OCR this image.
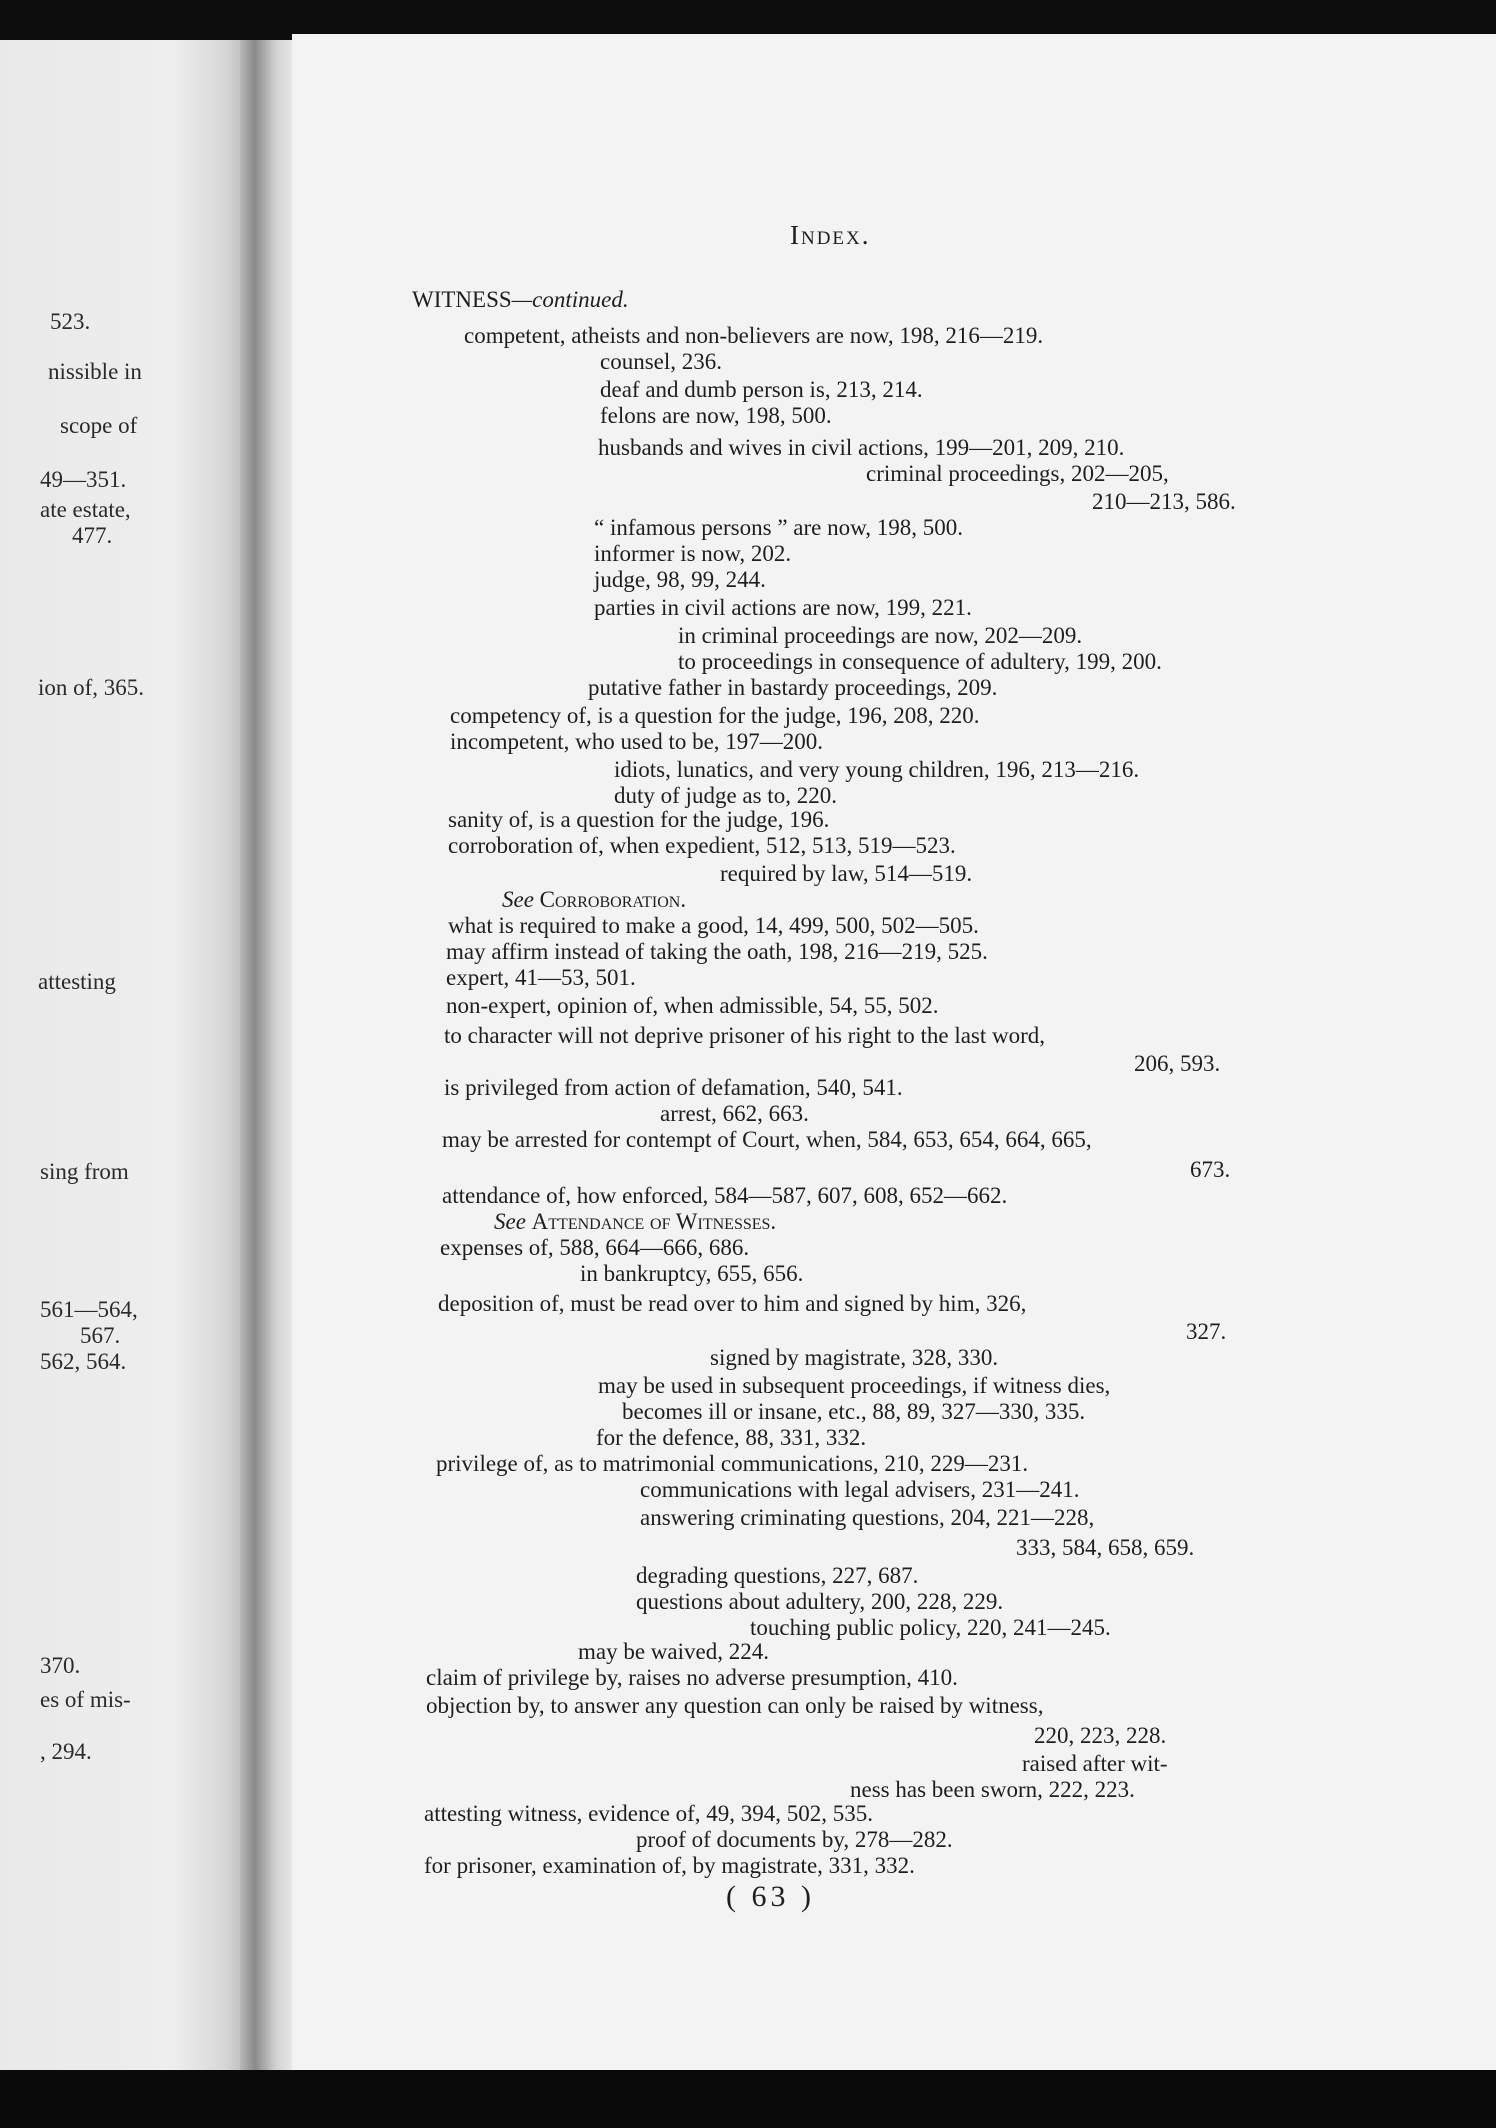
523.
nissible in
scope of
49—351.
ate estate,
477.
ion of, 365.
attesting
sing from
561—564,
567.
562, 564.
370.
es of mis-
, 294.
Index.
WITNESS—continued.
competent, atheists and non-believers are now, 198, 216—219.
counsel, 236.
deaf and dumb person is, 213, 214.
felons are now, 198, 500.
husbands and wives in civil actions, 199—201, 209, 210.
criminal proceedings, 202—205,
210—213, 586.
“ infamous persons ” are now, 198, 500.
informer is now, 202.
judge, 98, 99, 244.
parties in civil actions are now, 199, 221.
in criminal proceedings are now, 202—209.
to proceedings in consequence of adultery, 199, 200.
putative father in bastardy proceedings, 209.
competency of, is a question for the judge, 196, 208, 220.
incompetent, who used to be, 197—200.
idiots, lunatics, and very young children, 196, 213—216.
duty of judge as to, 220.
sanity of, is a question for the judge, 196.
corroboration of, when expedient, 512, 513, 519—523.
required by law, 514—519.
See Corroboration.
what is required to make a good, 14, 499, 500, 502—505.
may affirm instead of taking the oath, 198, 216—219, 525.
expert, 41—53, 501.
non-expert, opinion of, when admissible, 54, 55, 502.
to character will not deprive prisoner of his right to the last word,
206, 593.
is privileged from action of defamation, 540, 541.
arrest, 662, 663.
may be arrested for contempt of Court, when, 584, 653, 654, 664, 665,
673.
attendance of, how enforced, 584—587, 607, 608, 652—662.
See Attendance of Witnesses.
expenses of, 588, 664—666, 686.
in bankruptcy, 655, 656.
deposition of, must be read over to him and signed by him, 326,
327.
signed by magistrate, 328, 330.
may be used in subsequent proceedings, if witness dies,
becomes ill or insane, etc., 88, 89, 327—330, 335.
for the defence, 88, 331, 332.
privilege of, as to matrimonial communications, 210, 229—231.
communications with legal advisers, 231—241.
answering criminating questions, 204, 221—228,
333, 584, 658, 659.
degrading questions, 227, 687.
questions about adultery, 200, 228, 229.
touching public policy, 220, 241—245.
may be waived, 224.
claim of privilege by, raises no adverse presumption, 410.
objection by, to answer any question can only be raised by witness,
220, 223, 228.
raised after wit-
ness has been sworn, 222, 223.
attesting witness, evidence of, 49, 394, 502, 535.
proof of documents by, 278—282.
for prisoner, examination of, by magistrate, 331, 332.
( 63 )
